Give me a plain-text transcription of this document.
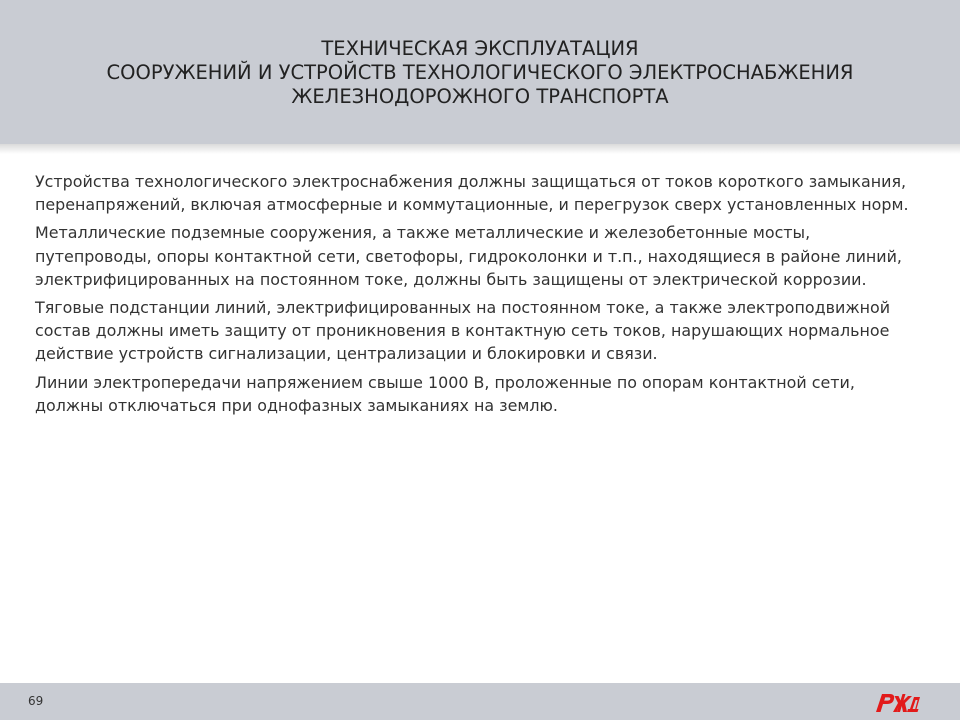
ТЕХНИЧЕСКАЯ ЭКСПЛУАТАЦИЯ
СООРУЖЕНИЙ И УСТРОЙСТВ ТЕХНОЛОГИЧЕСКОГО ЭЛЕКТРОСНАБЖЕНИЯ
ЖЕЛЕЗНОДОРОЖНОГО ТРАНСПОРТА

Устройства технологического электроснабжения должны защищаться от токов короткого замыкания, перенапряжений, включая атмосферные и коммутационные, и перегрузок сверх установленных норм.

Металлические подземные сооружения, а также металлические и железобетонные мосты, путепроводы, опоры контактной сети, светофоры, гидроколонки и т.п., находящиеся в районе линий, электрифицированных на постоянном токе, должны быть защищены от электрической коррозии.

Тяговые подстанции линий, электрифицированных на постоянном токе, а также электроподвижной состав должны иметь защиту от проникновения в контактную сеть токов, нарушающих нормальное действие устройств сигнализации, централизации и блокировки и связи.

Линии электропередачи напряжением свыше 1000 В, проложенные по опорам контактной сети, должны отключаться при однофазных замыканиях на землю.

69
